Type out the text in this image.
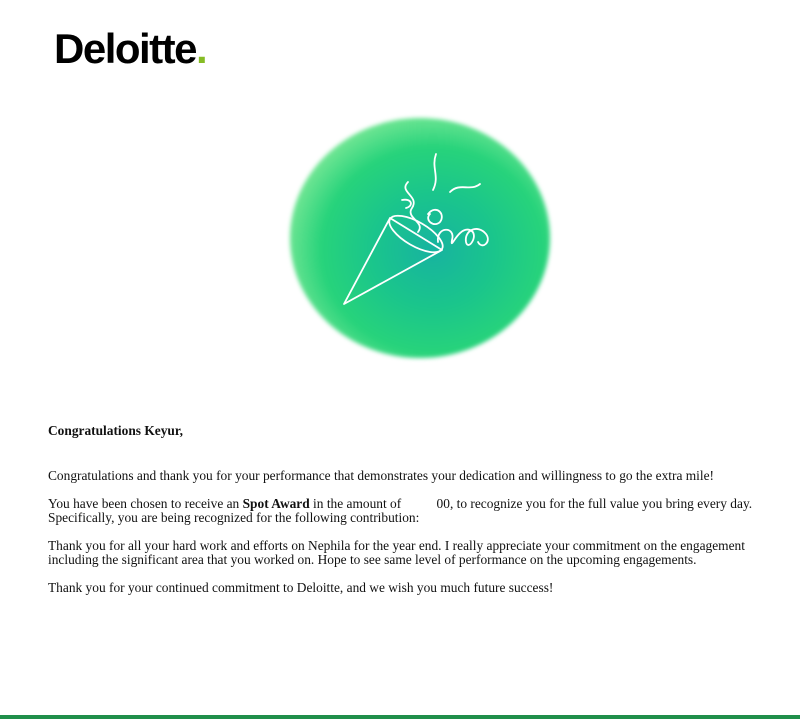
Deloitte.
Congratulations Keyur,

Congratulations and thank you for your performance that demonstrates your dedication and willingness to go the extra mile!

You have been chosen to receive an Spot Award in the amount of 00, to recognize you for the full value you bring every day.
Specifically, you are being recognized for the following contribution:

Thank you for all your hard work and efforts on Nephila for the year end. I really appreciate your commitment on the engagement including the significant area that you worked on. Hope to see same level of performance on the upcoming engagements.

Thank you for your continued commitment to Deloitte, and we wish you much future success!
